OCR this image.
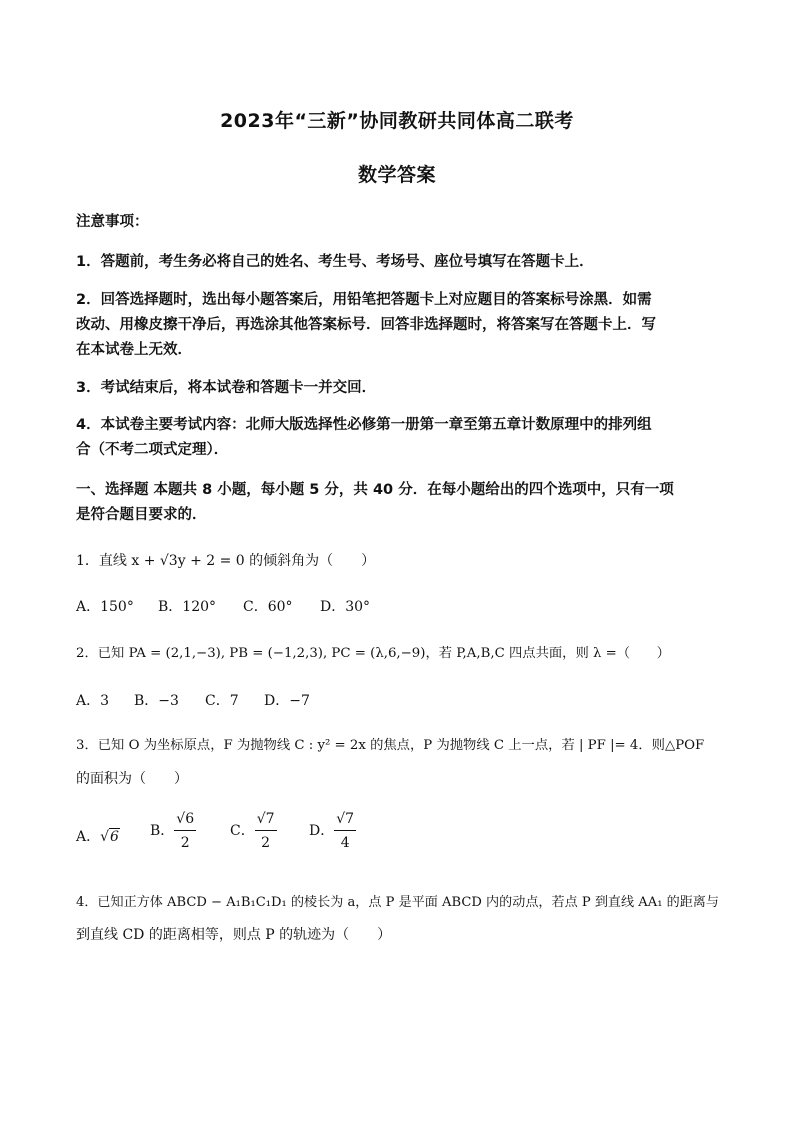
2023年“三新”协同教研共同体高二联考
数学答案
注意事项：
1．答题前，考生务必将自己的姓名、考生号、考场号、座位号填写在答题卡上．
2．回答选择题时，选出每小题答案后，用铅笔把答题卡上对应题目的答案标号涂黑．如需
改动、用橡皮擦干净后，再选涂其他答案标号．回答非选择题时，将答案写在答题卡上．写
在本试卷上无效．
3．考试结束后，将本试卷和答题卡一并交回．
4．本试卷主要考试内容：北师大版选择性必修第一册第一章至第五章计数原理中的排列组
合（不考二项式定理）．
一、选择题 本题共 8 小题，每小题 5 分，共 40 分．在每小题给出的四个选项中，只有一项
是符合题目要求的．
1．直线 x + √3y + 2 = 0 的倾斜角为（　　）
A．150° B．120° C．60° D．30°
2．已知 PA = (2,1,−3), PB = (−1,2,3), PC = (λ,6,−9)，若 P,A,B,C 四点共面，则 λ =（　　）
A．3 B．−3 C．7 D．−7
3．已知 O 为坐标原点，F 为抛物线 C : y² = 2x 的焦点，P 为抛物线 C 上一点，若 | PF |= 4．则△POF
的面积为（　　）
A．√6 B． $\frac{√6}{2}$ C． $\frac{√7}{2}$ D． $\frac{√7}{4}$
4．已知正方体 ABCD − A₁B₁C₁D₁ 的棱长为 a，点 P 是平面 ABCD 内的动点，若点 P 到直线 AA₁ 的距离与
到直线 CD 的距离相等，则点 P 的轨迹为（　　）
